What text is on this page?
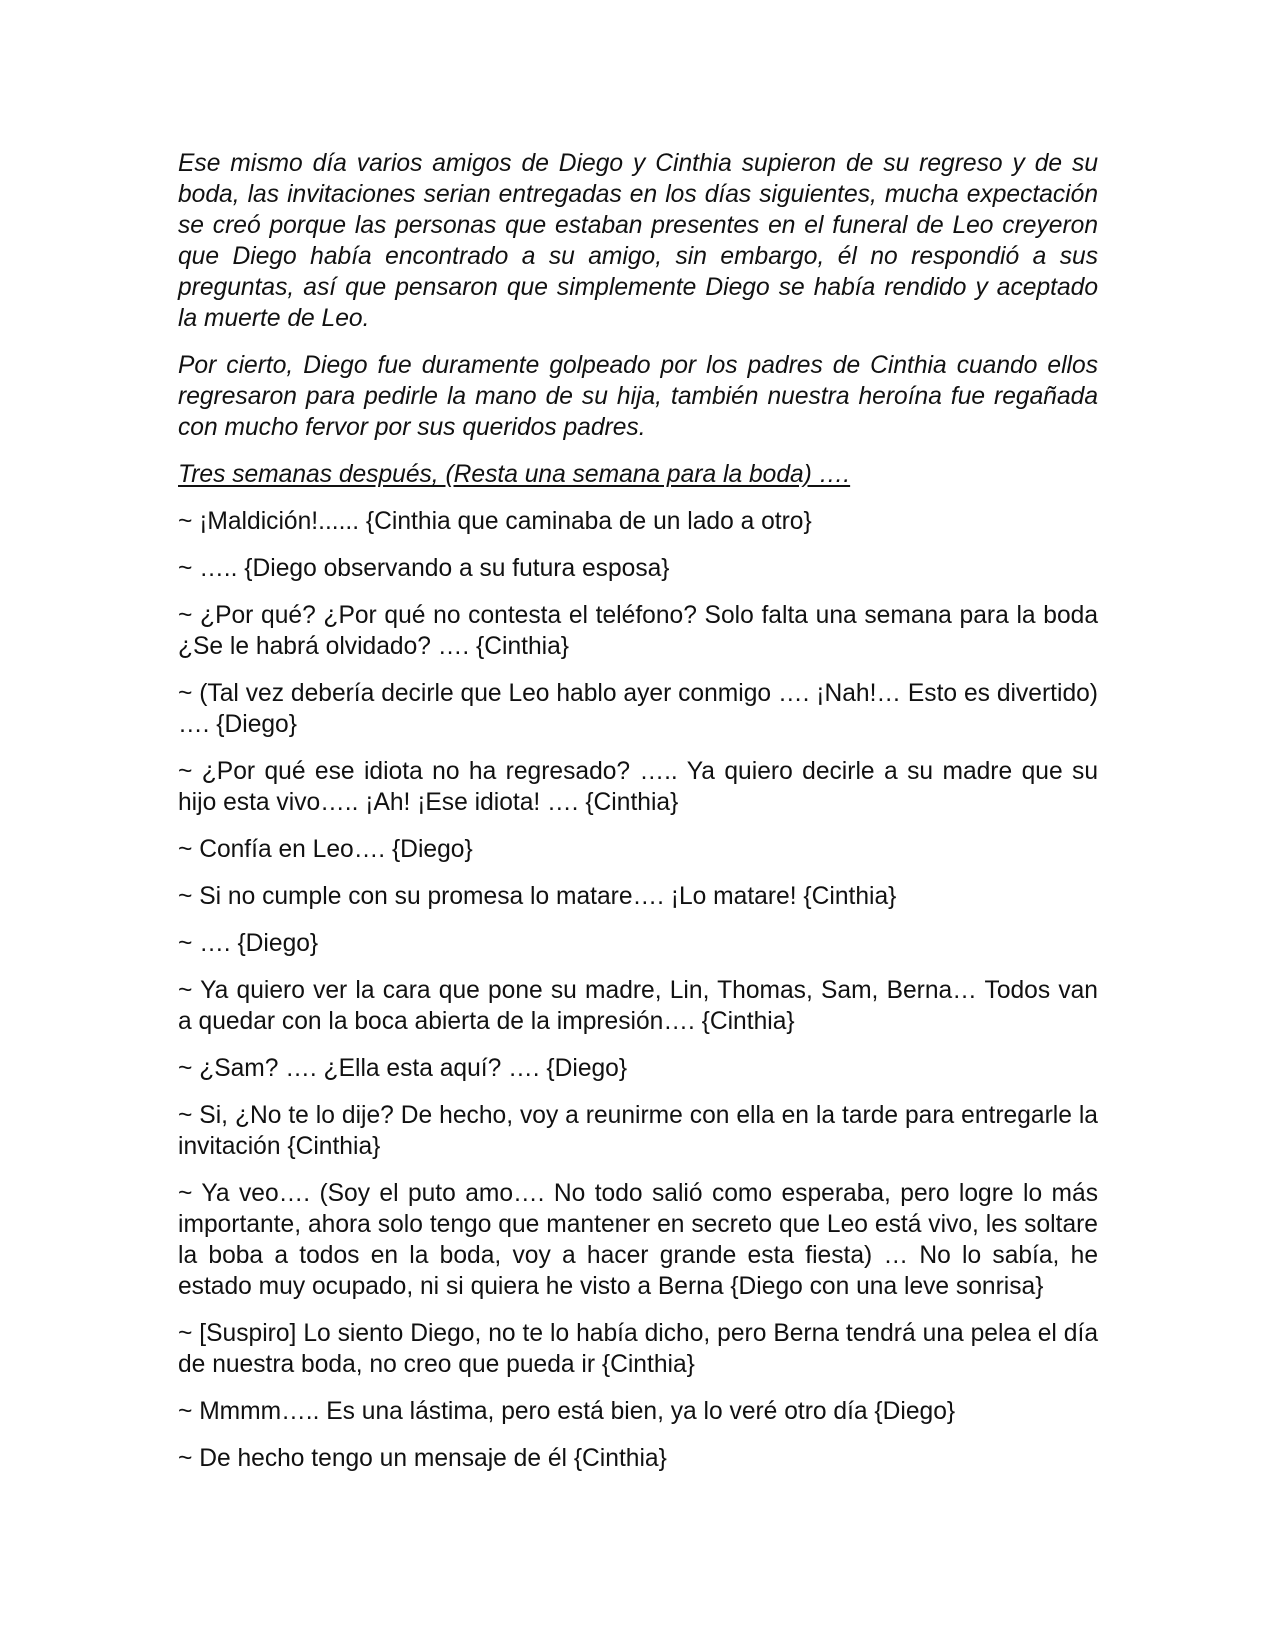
Ese mismo día varios amigos de Diego y Cinthia supieron de su regreso y de su boda, las invitaciones serian entregadas en los días siguientes, mucha expectación se creó porque las personas que estaban presentes en el funeral de Leo creyeron que Diego había encontrado a su amigo, sin embargo, él no respondió a sus preguntas, así que pensaron que simplemente Diego se había rendido y aceptado la muerte de Leo.

Por cierto, Diego fue duramente golpeado por los padres de Cinthia cuando ellos regresaron para pedirle la mano de su hija, también nuestra heroína fue regañada con mucho fervor por sus queridos padres.

Tres semanas después, (Resta una semana para la boda) ….

~ ¡Maldición!...... {Cinthia que caminaba de un lado a otro}

~ ….. {Diego observando a su futura esposa}

~ ¿Por qué? ¿Por qué no contesta el teléfono? Solo falta una semana para la boda ¿Se le habrá olvidado? …. {Cinthia}

~ (Tal vez debería decirle que Leo hablo ayer conmigo …. ¡Nah!… Esto es divertido) …. {Diego}

~ ¿Por qué ese idiota no ha regresado? ….. Ya quiero decirle a su madre que su hijo esta vivo….. ¡Ah! ¡Ese idiota! …. {Cinthia}

~ Confía en Leo…. {Diego}

~ Si no cumple con su promesa lo matare…. ¡Lo matare! {Cinthia}

~ …. {Diego}

~ Ya quiero ver la cara que pone su madre, Lin, Thomas, Sam, Berna… Todos van a quedar con la boca abierta de la impresión…. {Cinthia}

~ ¿Sam? …. ¿Ella esta aquí? …. {Diego}

~ Si, ¿No te lo dije? De hecho, voy a reunirme con ella en la tarde para entregarle la invitación {Cinthia}

~ Ya veo…. (Soy el puto amo…. No todo salió como esperaba, pero logre lo más importante, ahora solo tengo que mantener en secreto que Leo está vivo, les soltare la boba a todos en la boda, voy a hacer grande esta fiesta) … No lo sabía, he estado muy ocupado, ni si quiera he visto a Berna {Diego con una leve sonrisa}

~ [Suspiro] Lo siento Diego, no te lo había dicho, pero Berna tendrá una pelea el día de nuestra boda, no creo que pueda ir {Cinthia}

~ Mmmm….. Es una lástima, pero está bien, ya lo veré otro día {Diego}

~ De hecho tengo un mensaje de él {Cinthia}
